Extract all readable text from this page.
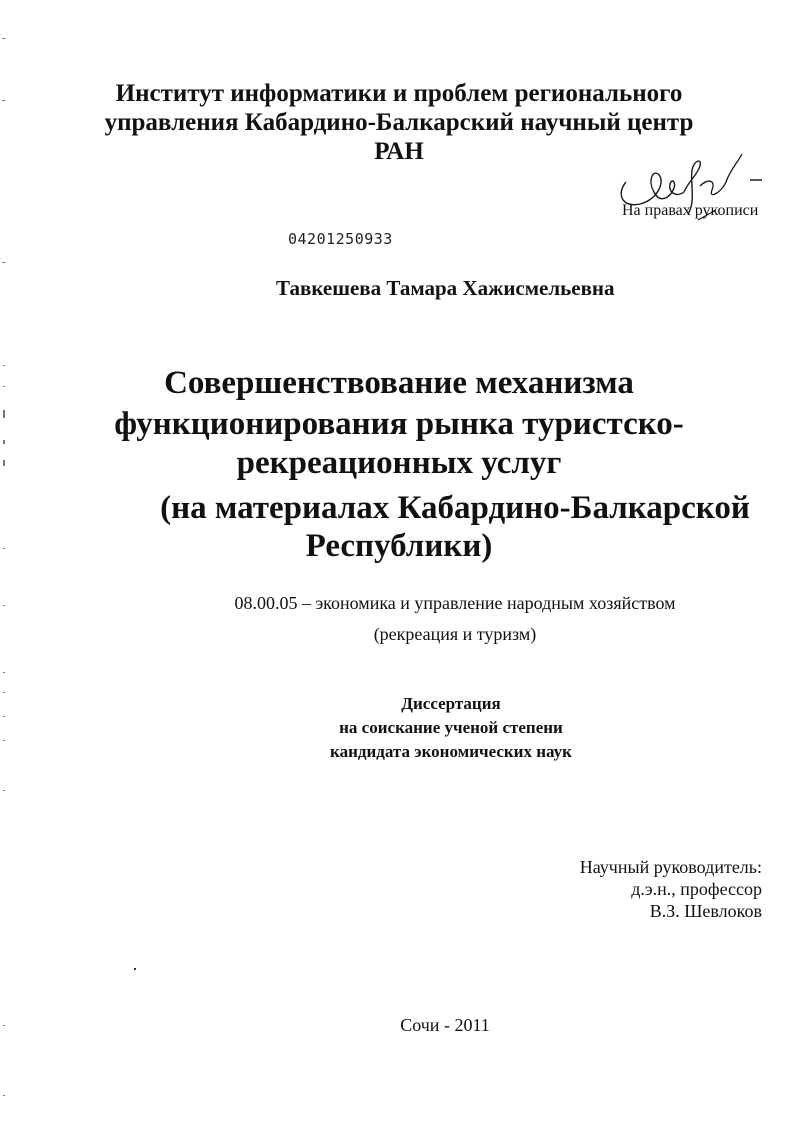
Институт информатики и проблем регионального
управления Кабардино-Балкарский научный центр
РАН
На правах рукописи
04201250933
Тавкешева Тамара Хажисмельевна
Совершенствование механизма
функционирования рынка туристско-
рекреационных услуг
(на материалах Кабардино-Балкарской
Республики)
08.00.05 – экономика и управление народным хозяйством
(рекреация и туризм)
Диссертация
на соискание ученой степени
кандидата экономических наук
Научный руководитель:
д.э.н., профессор
В.З. Шевлоков
Сочи - 2011
